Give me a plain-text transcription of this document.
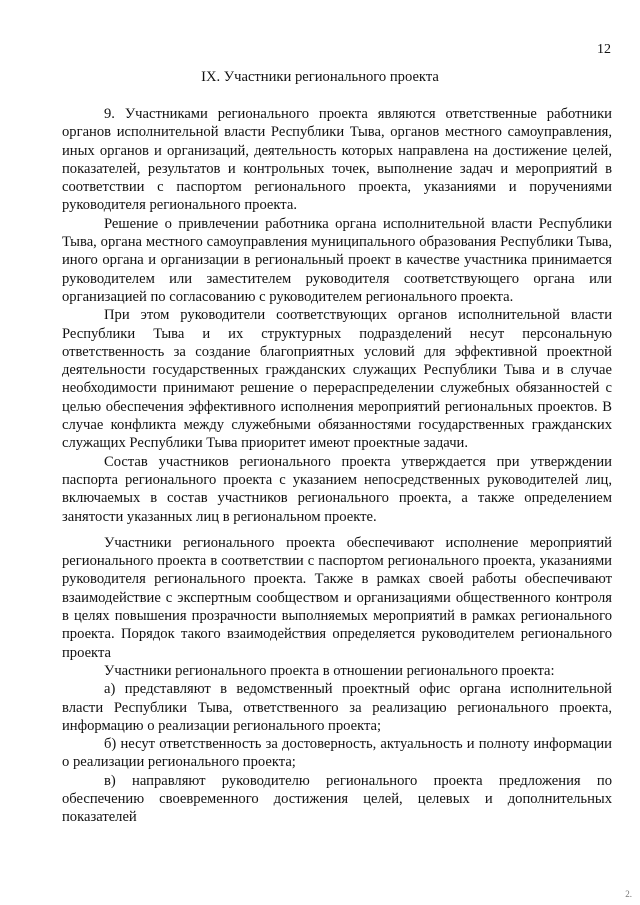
12
IX. Участники регионального проекта

9. Участниками регионального проекта являются ответственные работники органов исполнительной власти Республики Тыва, органов местного самоуправления, иных органов и организаций, деятельность которых направлена на достижение целей, показателей, результатов и контрольных точек, выполнение задач и мероприятий в соответствии с паспортом регионального проекта, указаниями и поручениями руководителя регионального проекта.

Решение о привлечении работника органа исполнительной власти Республики Тыва, органа местного самоуправления муниципального образования Республики Тыва, иного органа и организации в региональный проект в качестве участника принимается руководителем или заместителем руководителя соответствующего органа или организацией по согласованию с руководителем регионального проекта.

При этом руководители соответствующих органов исполнительной власти Республики Тыва и их структурных подразделений несут персональную ответственность за создание благоприятных условий для эффективной проектной деятельности государственных гражданских служащих Республики Тыва и в случае необходимости принимают решение о перераспределении служебных обязанностей с целью обеспечения эффективного исполнения мероприятий региональных проектов. В случае конфликта между служебными обязанностями государственных гражданских служащих Республики Тыва приоритет имеют проектные задачи.

Состав участников регионального проекта утверждается при утверждении паспорта регионального проекта с указанием непосредственных руководителей лиц, включаемых в состав участников регионального проекта, а также определением занятости указанных лиц в региональном проекте.

Участники регионального проекта обеспечивают исполнение мероприятий регионального проекта в соответствии с паспортом регионального проекта, указаниями руководителя регионального проекта. Также в рамках своей работы обеспечивают взаимодействие с экспертным сообществом и организациями общественного контроля в целях повышения прозрачности выполняемых мероприятий в рамках регионального проекта. Порядок такого взаимодействия определяется руководителем регионального проекта

Участники регионального проекта в отношении регионального проекта:

а) представляют в ведомственный проектный офис органа исполнительной власти Республики Тыва, ответственного за реализацию регионального проекта, информацию о реализации регионального проекта;

б) несут ответственность за достоверность, актуальность и полноту информации о реализации регионального проекта;

в) направляют руководителю регионального проекта предложения по обеспечению своевременного достижения целей, целевых и дополнительных показателей

2.
